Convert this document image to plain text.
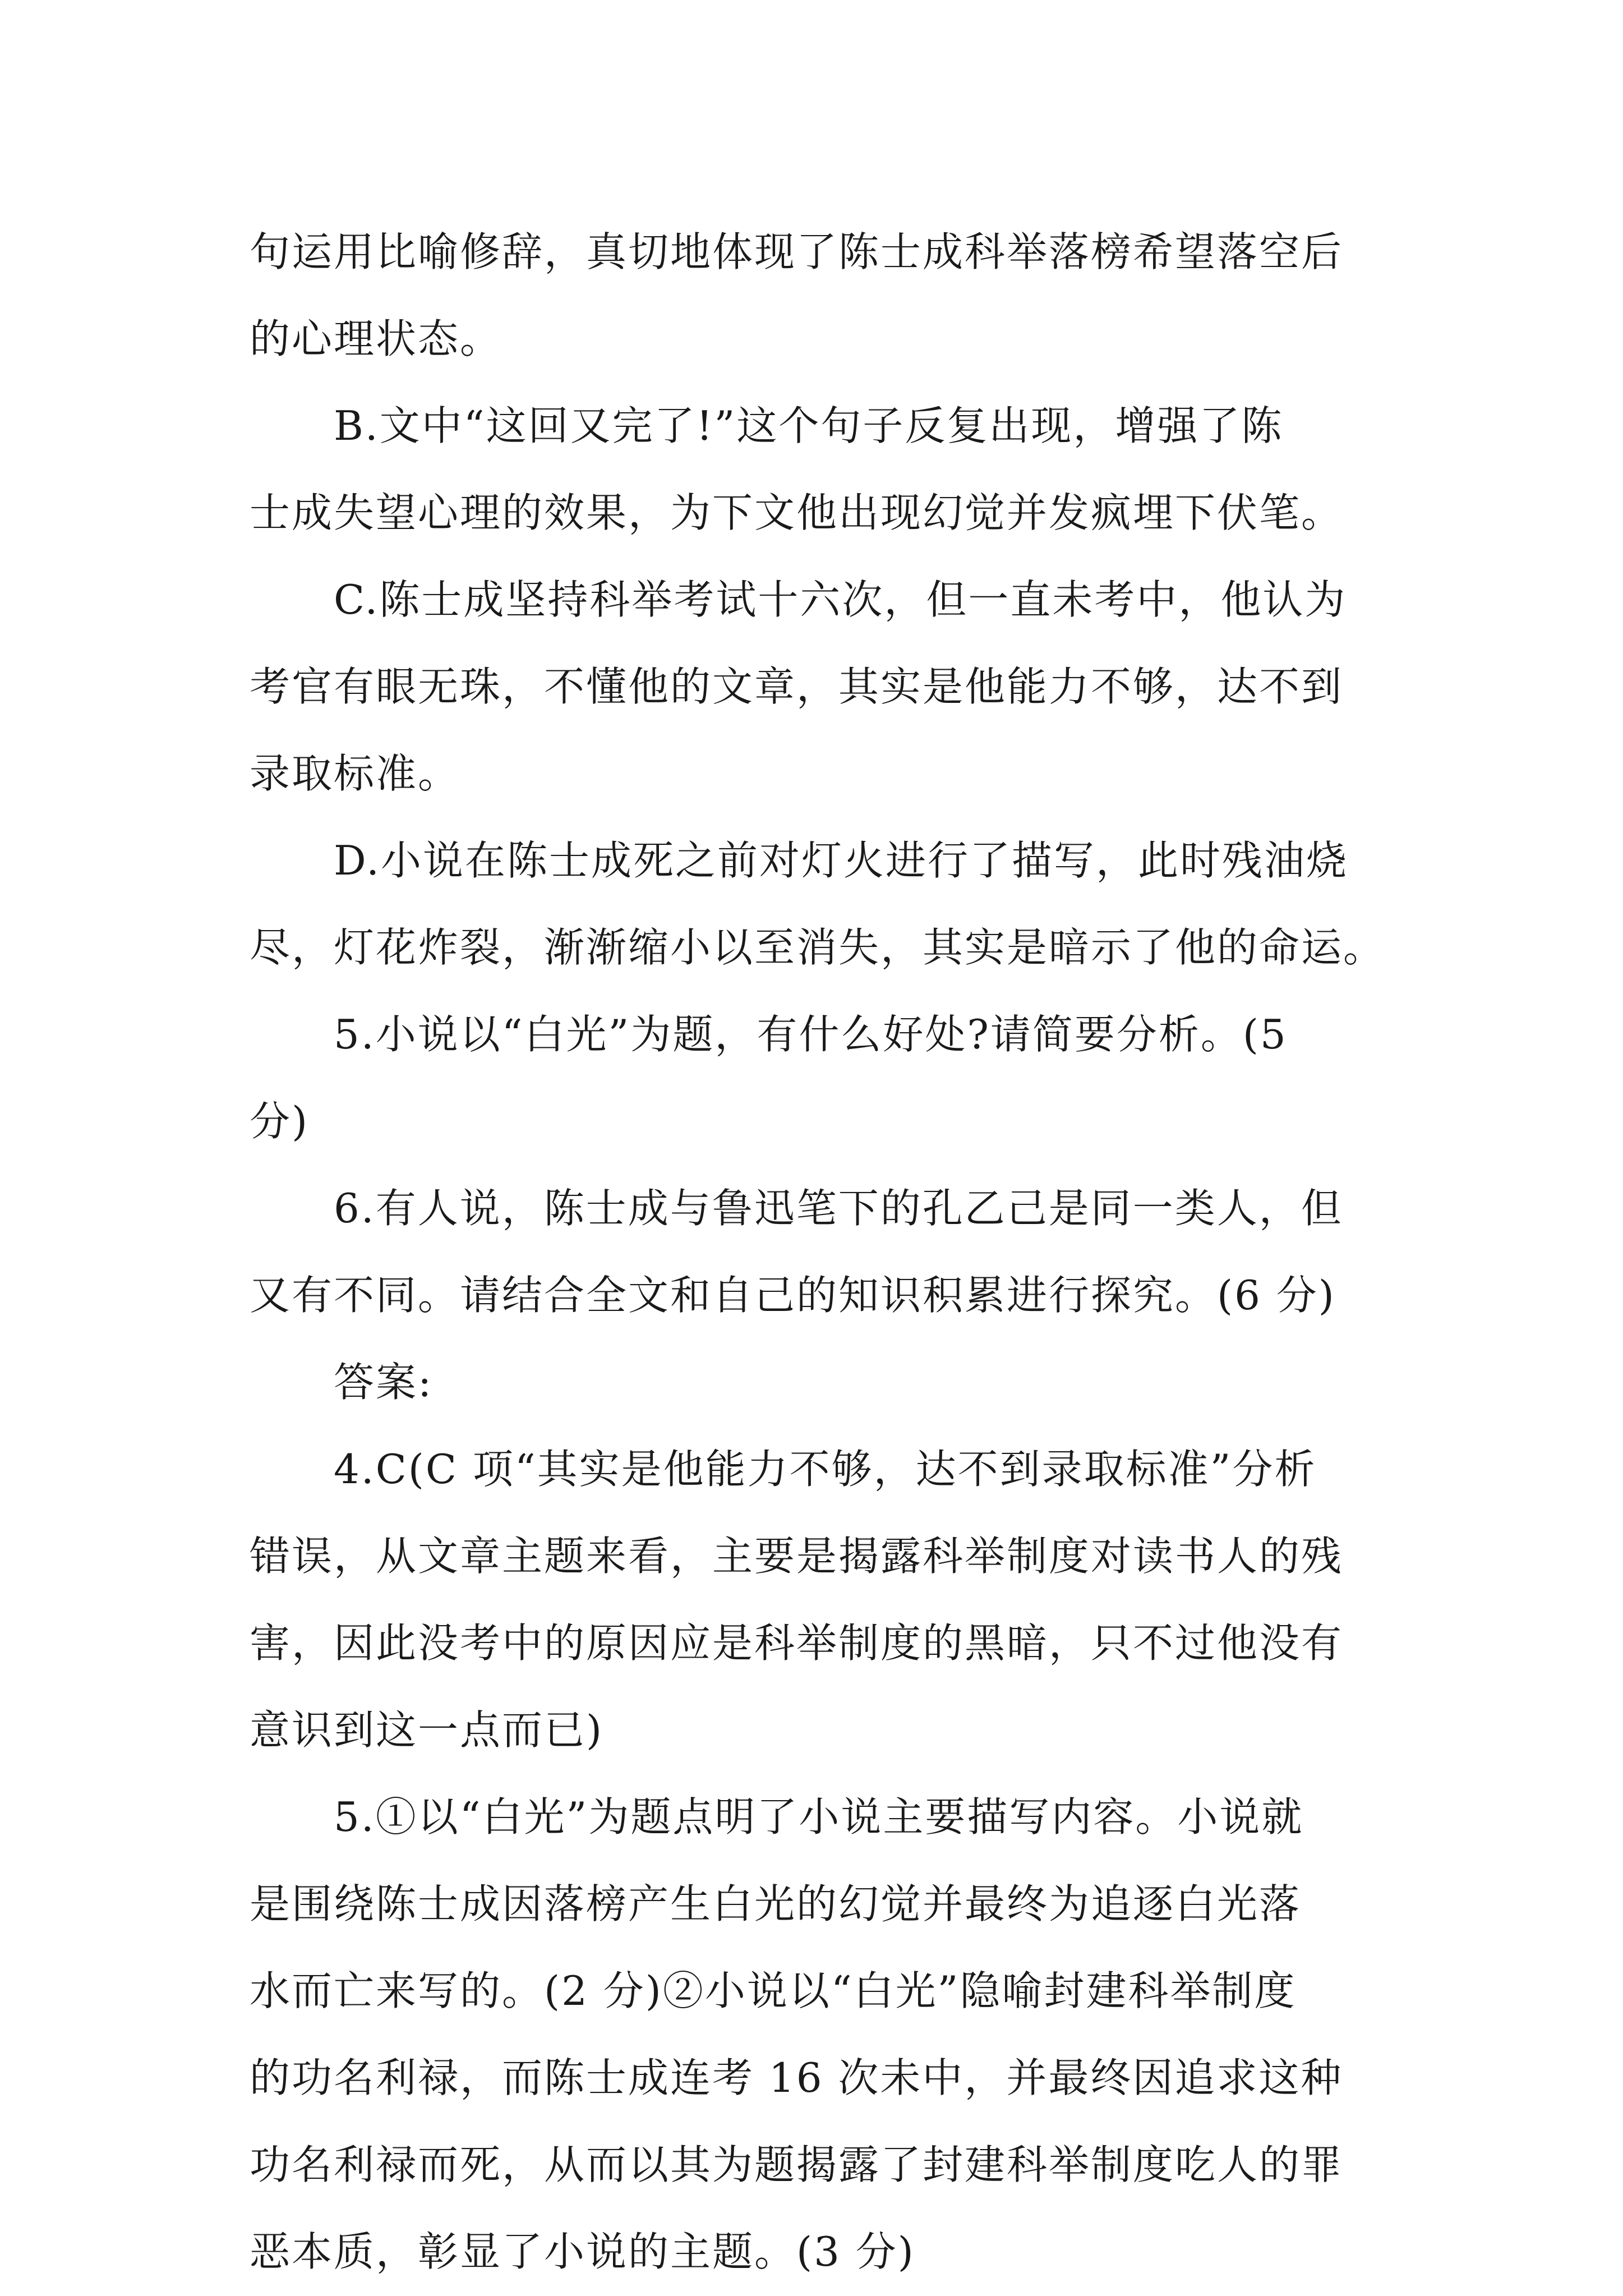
句运用比喻修辞，真切地体现了陈士成科举落榜希望落空后
的心理状态。

B.文中“这回又完了!”这个句子反复出现，增强了陈
士成失望心理的效果，为下文他出现幻觉并发疯埋下伏笔。

C.陈士成坚持科举考试十六次，但一直未考中，他认为
考官有眼无珠，不懂他的文章，其实是他能力不够，达不到
录取标准。

D.小说在陈士成死之前对灯火进行了描写，此时残油烧
尽，灯花炸裂，渐渐缩小以至消失，其实是暗示了他的命运。

5.小说以“白光”为题，有什么好处?请简要分析。(5
分)

6.有人说，陈士成与鲁迅笔下的孔乙己是同一类人，但
又有不同。请结合全文和自己的知识积累进行探究。(6 分)

答案:

4.C(C 项“其实是他能力不够，达不到录取标准”分析
错误，从文章主题来看，主要是揭露科举制度对读书人的残
害，因此没考中的原因应是科举制度的黑暗，只不过他没有
意识到这一点而已)

5.①以“白光”为题点明了小说主要描写内容。小说就
是围绕陈士成因落榜产生白光的幻觉并最终为追逐白光落
水而亡来写的。(2 分)②小说以“白光”隐喻封建科举制度
的功名利禄，而陈士成连考 16 次未中，并最终因追求这种
功名利禄而死，从而以其为题揭露了封建科举制度吃人的罪
恶本质，彰显了小说的主题。(3 分)
